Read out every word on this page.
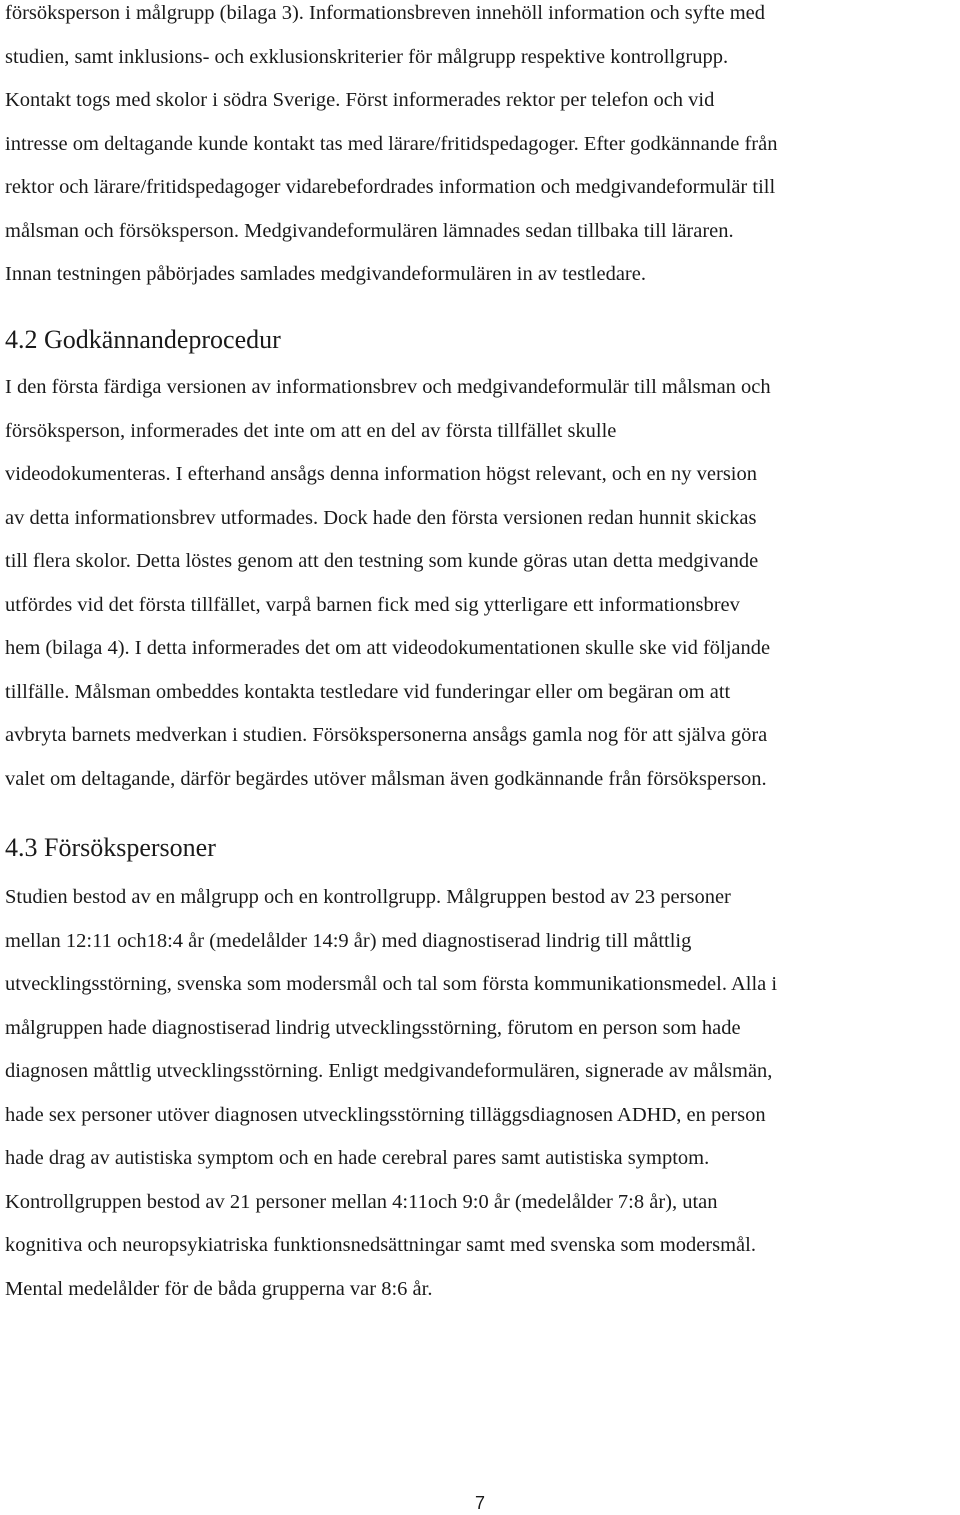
försöksperson i målgrupp (bilaga 3). Informationsbreven innehöll information och syfte med
studien, samt inklusions- och exklusionskriterier för målgrupp respektive kontrollgrupp.
Kontakt togs med skolor i södra Sverige. Först informerades rektor per telefon och vid
intresse om deltagande kunde kontakt tas med lärare/fritidspedagoger. Efter godkännande från
rektor och lärare/fritidspedagoger vidarebefordrades information och medgivandeformulär till
målsman och försöksperson. Medgivandeformulären lämnades sedan tillbaka till läraren.
Innan testningen påbörjades samlades medgivandeformulären in av testledare.
4.2 Godkännandeprocedur
I den första färdiga versionen av informationsbrev och medgivandeformulär till målsman och
försöksperson, informerades det inte om att en del av första tillfället skulle
videodokumenteras. I efterhand ansågs denna information högst relevant, och en ny version
av detta informationsbrev utformades. Dock hade den första versionen redan hunnit skickas
till flera skolor. Detta löstes genom att den testning som kunde göras utan detta medgivande
utfördes vid det första tillfället, varpå barnen fick med sig ytterligare ett informationsbrev
hem (bilaga 4). I detta informerades det om att videodokumentationen skulle ske vid följande
tillfälle. Målsman ombeddes kontakta testledare vid funderingar eller om begäran om att
avbryta barnets medverkan i studien. Försökspersonerna ansågs gamla nog för att själva göra
valet om deltagande, därför begärdes utöver målsman även godkännande från försöksperson.
4.3 Försökspersoner
Studien bestod av en målgrupp och en kontrollgrupp. Målgruppen bestod av 23 personer
mellan 12:11 och18:4 år (medelålder 14:9 år) med diagnostiserad lindrig till måttlig
utvecklingsstörning, svenska som modersmål och tal som första kommunikationsmedel. Alla i
målgruppen hade diagnostiserad lindrig utvecklingsstörning, förutom en person som hade
diagnosen måttlig utvecklingsstörning. Enligt medgivandeformulären, signerade av målsmän,
hade sex personer utöver diagnosen utvecklingsstörning tilläggsdiagnosen ADHD, en person
hade drag av autistiska symptom och en hade cerebral pares samt autistiska symptom.
Kontrollgruppen bestod av 21 personer mellan 4:11och 9:0 år (medelålder 7:8 år), utan
kognitiva och neuropsykiatriska funktionsnedsättningar samt med svenska som modersmål.
Mental medelålder för de båda grupperna var 8:6 år.
7
